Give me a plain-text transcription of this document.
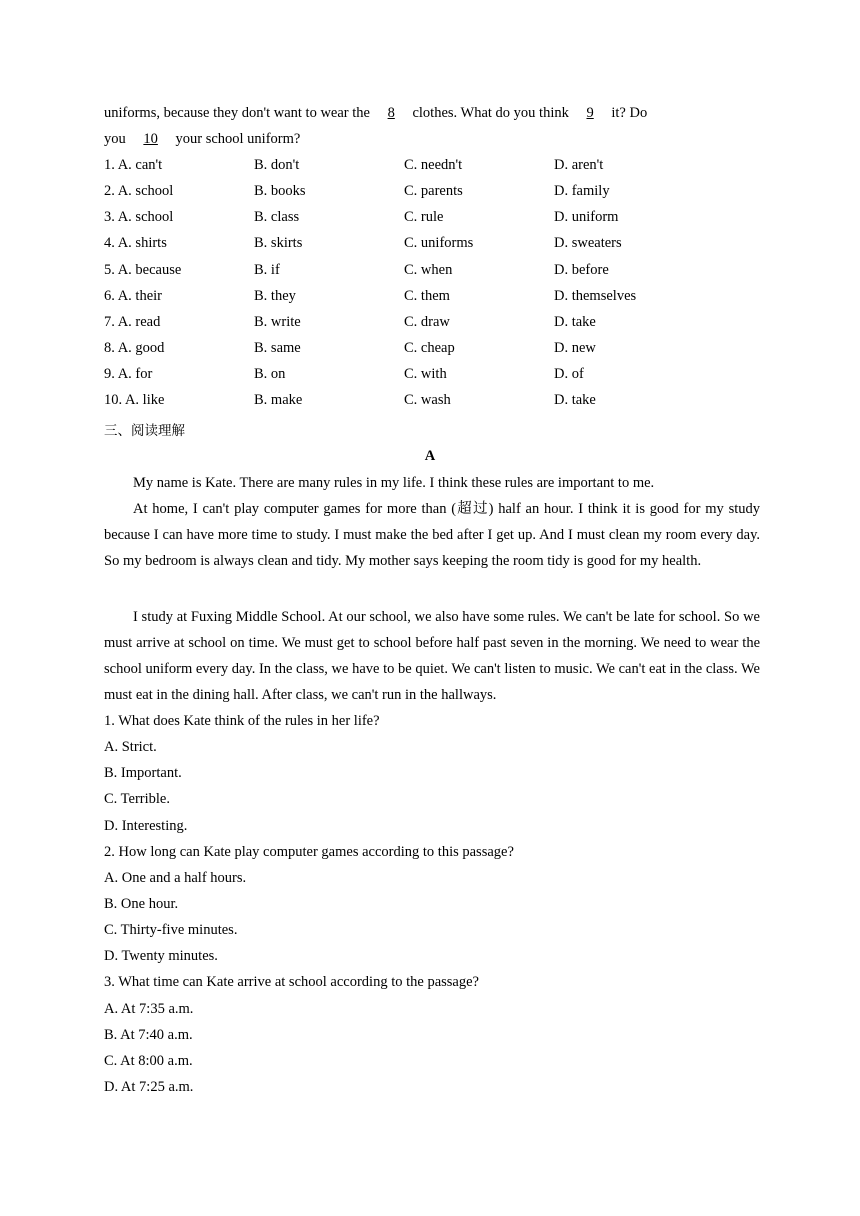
uniforms, because they don't want to wear the 8 clothes. What do you think 9 it? Do
you 10 your school uniform?
1. A. can't	B. don't	C. needn't	D. aren't
2. A. school	B. books	C. parents	D. family
3. A. school	B. class	C. rule	D. uniform
4. A. shirts	B. skirts	C. uniforms	D. sweaters
5. A. because	B. if	C. when	D. before
6. A. their	B. they	C. them	D. themselves
7. A. read	B. write	C. draw	D. take
8. A. good	B. same	C. cheap	D. new
9. A. for	B. on	C. with	D. of
10. A. like	B. make	C. wash	D. take
三、阅读理解
A
My name is Kate. There are many rules in my life. I think these rules are important to me.
At home, I can't play computer games for more than (超过) half an hour. I think it is good for my study because I can have more time to study. I must make the bed after I get up. And I must clean my room every day. So my bedroom is always clean and tidy. My mother says keeping the room tidy is good for my health.
I study at Fuxing Middle School. At our school, we also have some rules. We can't be late for school. So we must arrive at school on time. We must get to school before half past seven in the morning. We need to wear the school uniform every day. In the class, we have to be quiet. We can't listen to music. We can't eat in the class. We must eat in the dining hall. After class, we can't run in the hallways.
1. What does Kate think of the rules in her life?
A. Strict.
B. Important.
C. Terrible.
D. Interesting.
2. How long can Kate play computer games according to this passage?
A. One and a half hours.
B. One hour.
C. Thirty-five minutes.
D. Twenty minutes.
3. What time can Kate arrive at school according to the passage?
A. At 7:35 a.m.
B. At 7:40 a.m.
C. At 8:00 a.m.
D. At 7:25 a.m.
